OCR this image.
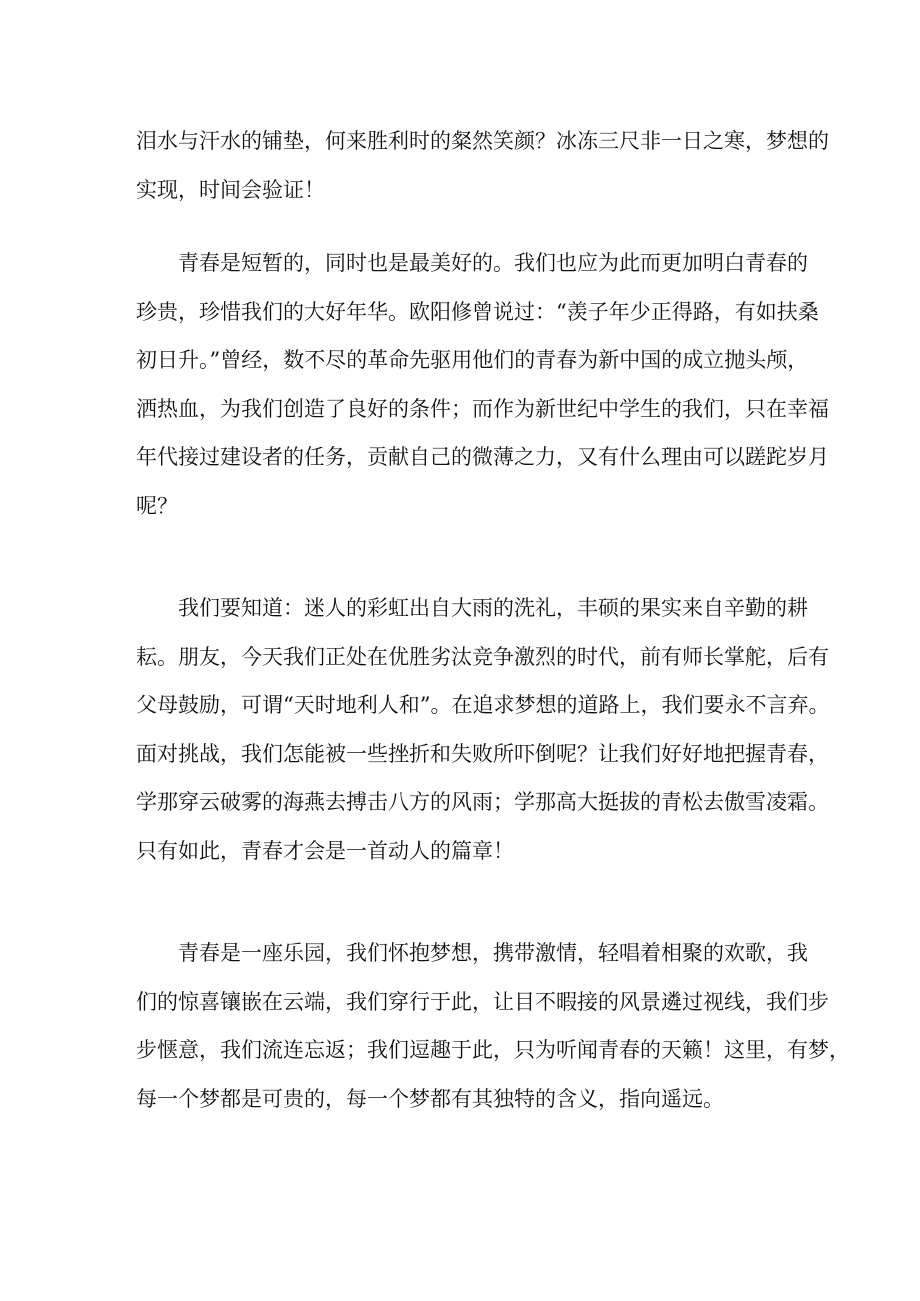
泪水与汗水的铺垫，何来胜利时的粲然笑颜？冰冻三尺非一日之寒，梦想的
实现，时间会验证！

　　青春是短暂的，同时也是最美好的。我们也应为此而更加明白青春的
珍贵，珍惜我们的大好年华。欧阳修曾说过：“羡子年少正得路，有如扶桑
初日升。”曾经，数不尽的革命先驱用他们的青春为新中国的成立抛头颅，
洒热血，为我们创造了良好的条件；而作为新世纪中学生的我们，只在幸福
年代接过建设者的任务，贡献自己的微薄之力，又有什么理由可以蹉跎岁月
呢？

　　我们要知道：迷人的彩虹出自大雨的洗礼，丰硕的果实来自辛勤的耕
耘。朋友，今天我们正处在优胜劣汰竞争激烈的时代，前有师长掌舵，后有
父母鼓励，可谓“天时地利人和”。在追求梦想的道路上，我们要永不言弃。
面对挑战，我们怎能被一些挫折和失败所吓倒呢？让我们好好地把握青春，
学那穿云破雾的海燕去搏击八方的风雨；学那高大挺拔的青松去傲雪凌霜。
只有如此，青春才会是一首动人的篇章！

　　青春是一座乐园，我们怀抱梦想，携带激情，轻唱着相聚的欢歌，我
们的惊喜镶嵌在云端，我们穿行于此，让目不暇接的风景遴过视线，我们步
步惬意，我们流连忘返；我们逗趣于此，只为听闻青春的天籁！这里，有梦，
每一个梦都是可贵的，每一个梦都有其独特的含义，指向遥远。
